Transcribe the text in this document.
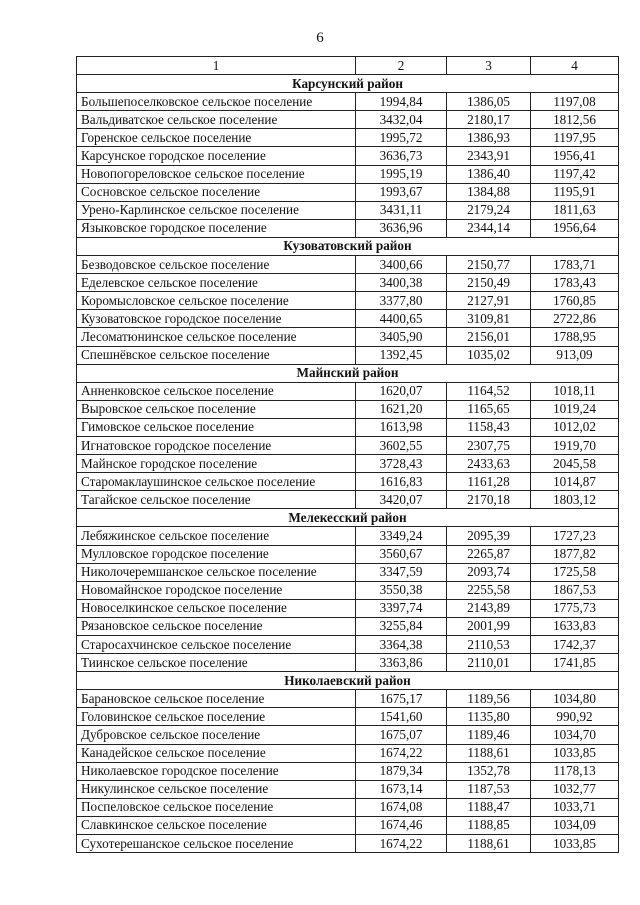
6
1	2	3	4
Карсунский район			
Большепоселковское сельское поселение	1994,84	1386,05	1197,08
Вальдиватское сельское поселение	3432,04	2180,17	1812,56
Горенское сельское поселение	1995,72	1386,93	1197,95
Карсунское городское поселение	3636,73	2343,91	1956,41
Новопогореловское сельское поселение	1995,19	1386,40	1197,42
Сосновское сельское поселение	1993,67	1384,88	1195,91
Урено-Карлинское сельское поселение	3431,11	2179,24	1811,63
Языковское городское поселение	3636,96	2344,14	1956,64
Кузоватовский район			
Безводовское сельское поселение	3400,66	2150,77	1783,71
Еделевское сельское поселение	3400,38	2150,49	1783,43
Коромысловское сельское поселение	3377,80	2127,91	1760,85
Кузоватовское городское поселение	4400,65	3109,81	2722,86
Лесоматюнинское сельское поселение	3405,90	2156,01	1788,95
Спешнёвское сельское поселение	1392,45	1035,02	913,09
Майнский район			
Анненковское сельское поселение	1620,07	1164,52	1018,11
Выровское сельское поселение	1621,20	1165,65	1019,24
Гимовское сельское поселение	1613,98	1158,43	1012,02
Игнатовское городское поселение	3602,55	2307,75	1919,70
Майнское городское поселение	3728,43	2433,63	2045,58
Старомаклаушинское сельское поселение	1616,83	1161,28	1014,87
Тагайское сельское поселение	3420,07	2170,18	1803,12
Мелекесский район			
Лебяжинское сельское поселение	3349,24	2095,39	1727,23
Мулловское городское поселение	3560,67	2265,87	1877,82
Николочеремшанское сельское поселение	3347,59	2093,74	1725,58
Новомайнское городское поселение	3550,38	2255,58	1867,53
Новоселкинское сельское поселение	3397,74	2143,89	1775,73
Рязановское сельское поселение	3255,84	2001,99	1633,83
Старосахчинское сельское поселение	3364,38	2110,53	1742,37
Тиинское сельское поселение	3363,86	2110,01	1741,85
Николаевский район			
Барановское сельское поселение	1675,17	1189,56	1034,80
Головинское сельское поселение	1541,60	1135,80	990,92
Дубровское сельское поселение	1675,07	1189,46	1034,70
Канадейское сельское поселение	1674,22	1188,61	1033,85
Николаевское городское поселение	1879,34	1352,78	1178,13
Никулинское сельское поселение	1673,14	1187,53	1032,77
Поспеловское сельское поселение	1674,08	1188,47	1033,71
Славкинское сельское поселение	1674,46	1188,85	1034,09
Сухотерешанское сельское поселение	1674,22	1188,61	1033,85
